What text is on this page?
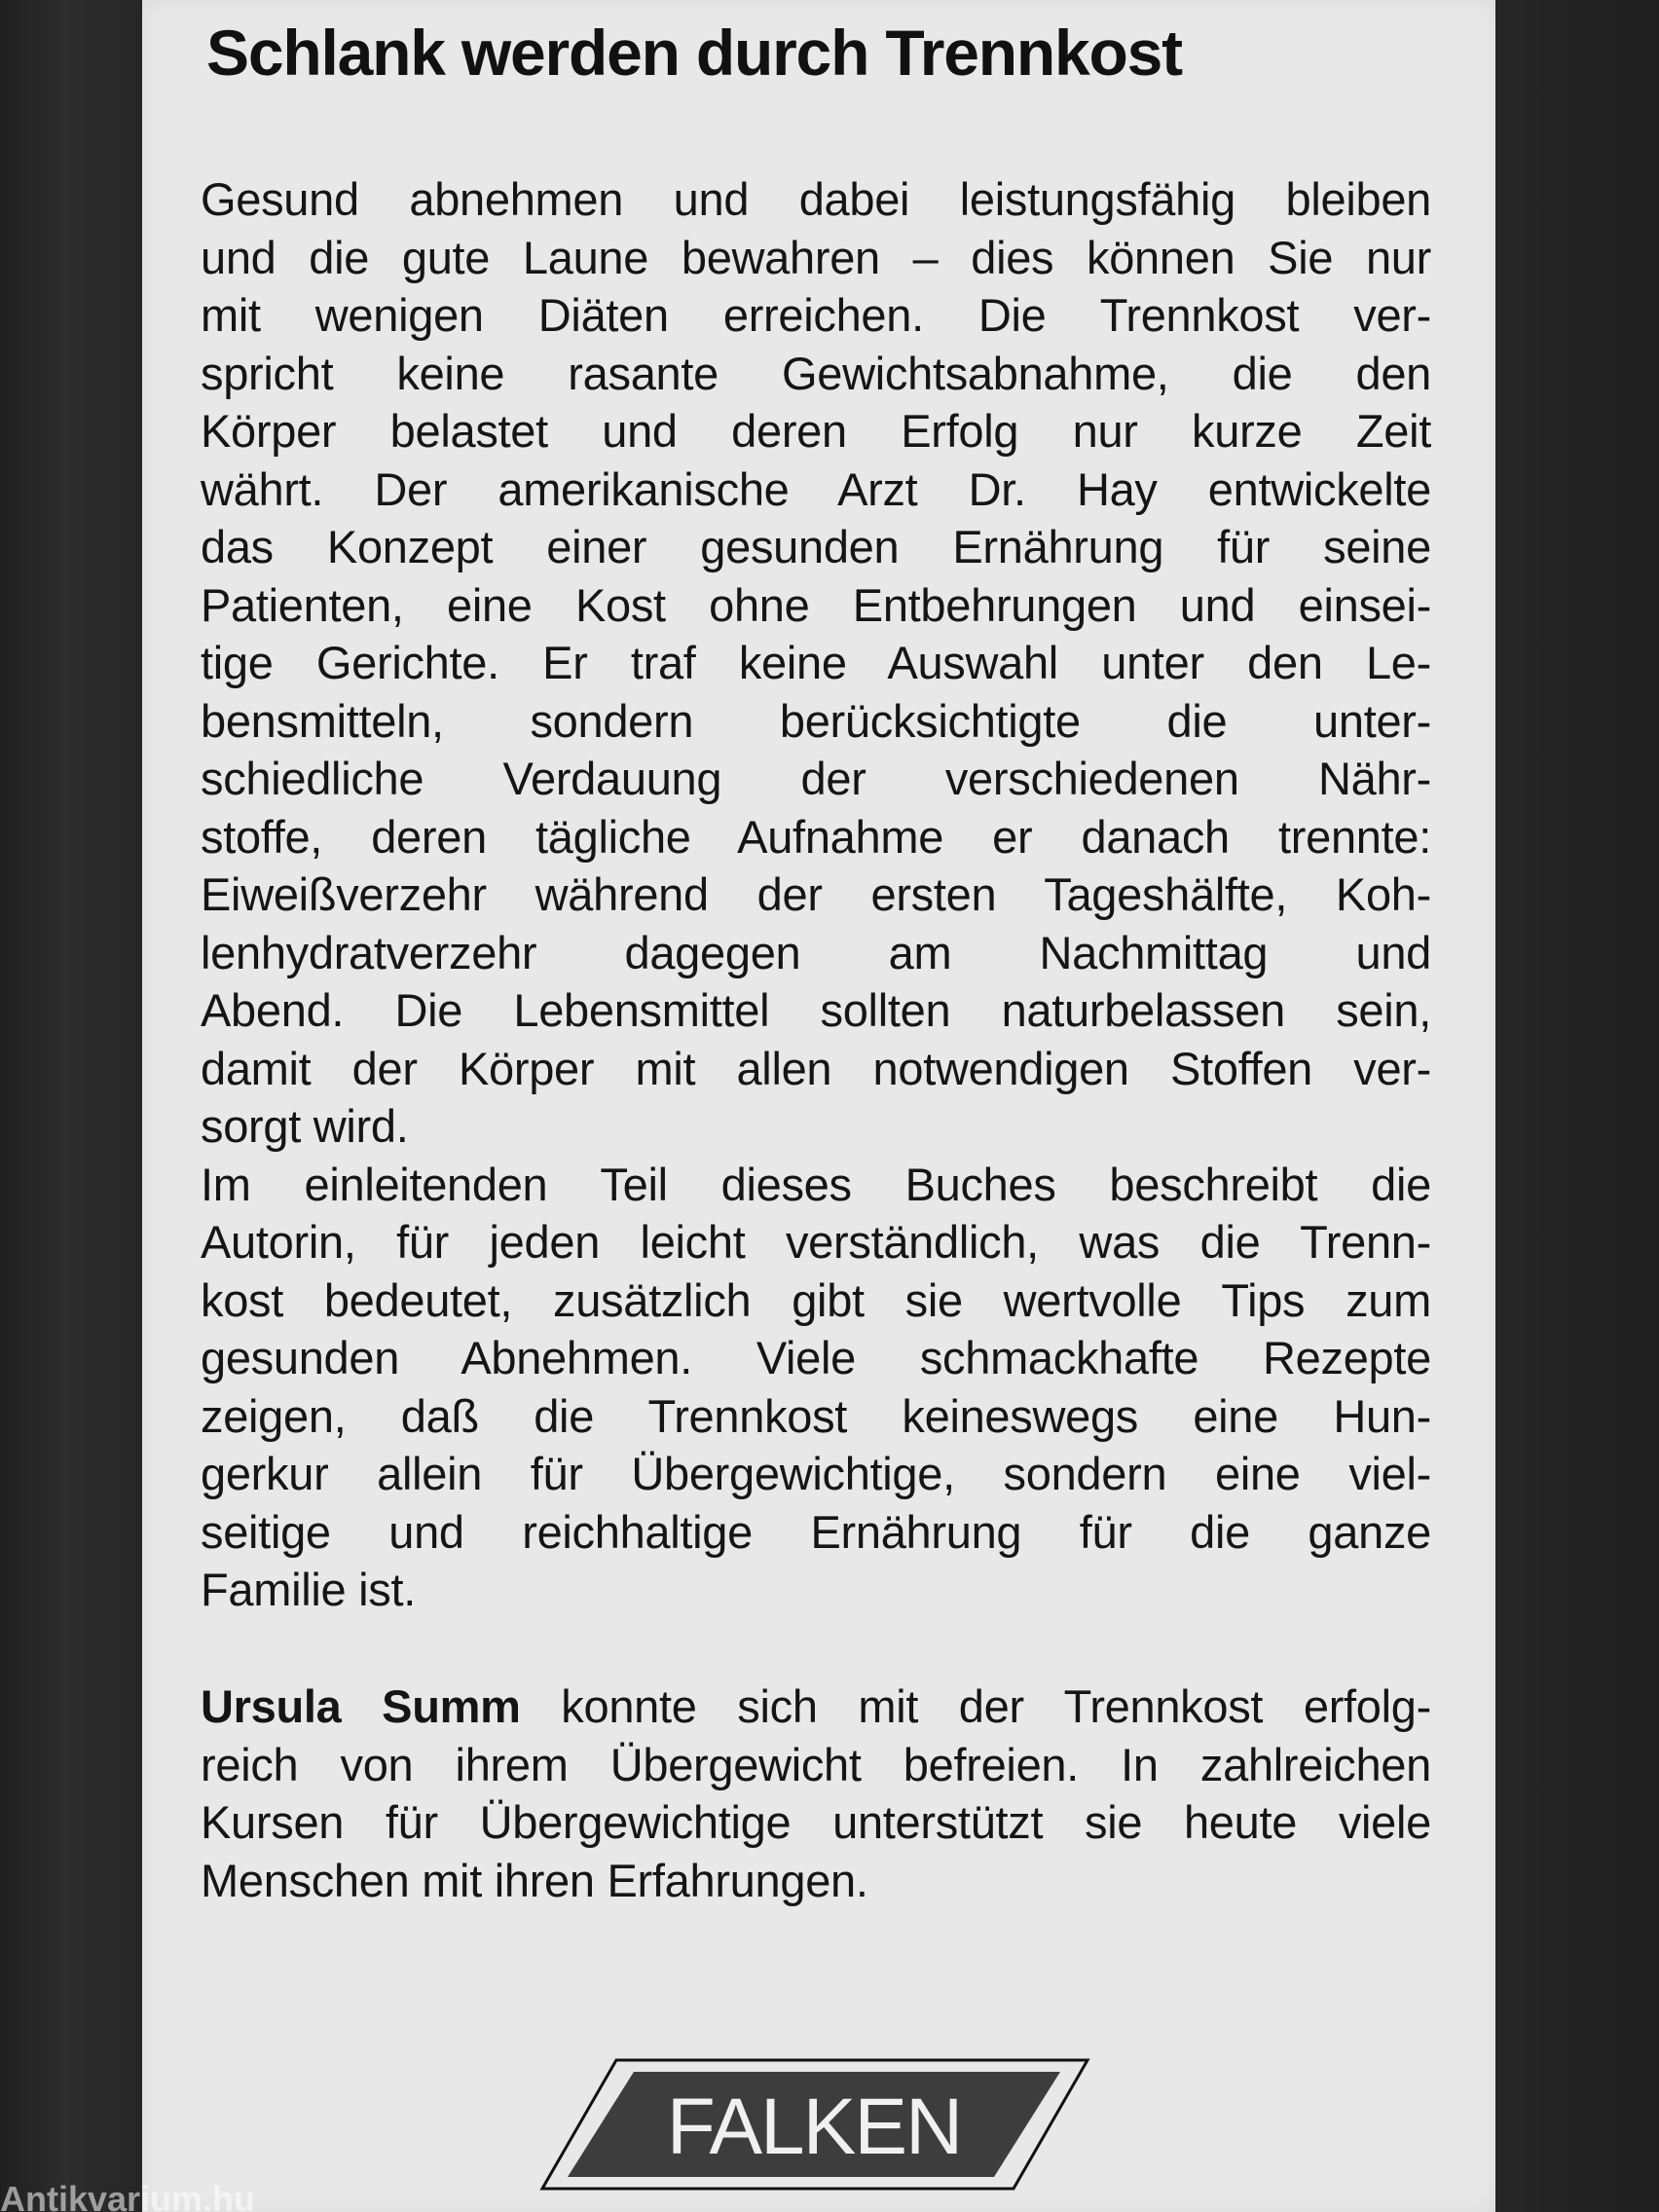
Schlank werden durch Trennkost
Gesund abnehmen und dabei leistungsfähig bleiben
und die gute Laune bewahren – dies können Sie nur
mit wenigen Diäten erreichen. Die Trennkost ver-
spricht keine rasante Gewichtsabnahme, die den
Körper belastet und deren Erfolg nur kurze Zeit
währt. Der amerikanische Arzt Dr. Hay entwickelte
das Konzept einer gesunden Ernährung für seine
Patienten, eine Kost ohne Entbehrungen und einsei-
tige Gerichte. Er traf keine Auswahl unter den Le-
bensmitteln, sondern berücksichtigte die unter-
schiedliche Verdauung der verschiedenen Nähr-
stoffe, deren tägliche Aufnahme er danach trennte:
Eiweißverzehr während der ersten Tageshälfte, Koh-
lenhydratverzehr dagegen am Nachmittag und
Abend. Die Lebensmittel sollten naturbelassen sein,
damit der Körper mit allen notwendigen Stoffen ver-
sorgt wird.
Im einleitenden Teil dieses Buches beschreibt die
Autorin, für jeden leicht verständlich, was die Trenn-
kost bedeutet, zusätzlich gibt sie wertvolle Tips zum
gesunden Abnehmen. Viele schmackhafte Rezepte
zeigen, daß die Trennkost keineswegs eine Hun-
gerkur allein für Übergewichtige, sondern eine viel-
seitige und reichhaltige Ernährung für die ganze
Familie ist.
Ursula Summ konnte sich mit der Trennkost erfolg-
reich von ihrem Übergewicht befreien. In zahlreichen
Kursen für Übergewichtige unterstützt sie heute viele
Menschen mit ihren Erfahrungen.
FALKEN
Antikvarium.hu
